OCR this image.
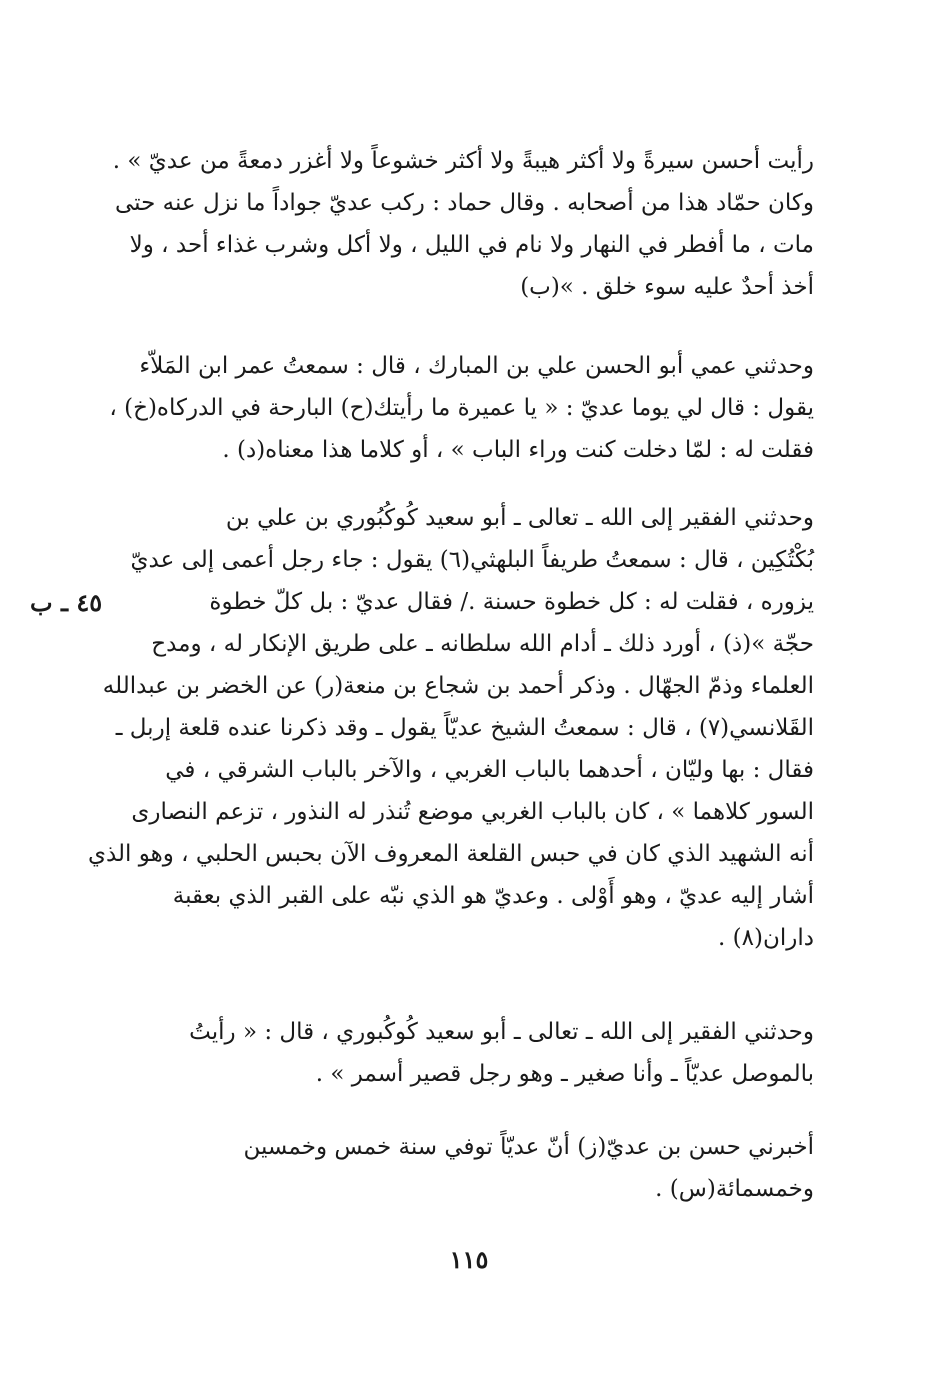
رأيت أحسن سيرةً ولا أكثر هيبةً ولا أكثر خشوعاً ولا أغزر دمعةً من عديّ » .
وكان حمّاد هذا من أصحابه . وقال حماد : ركب عديّ جواداً ما نزل عنه حتى
مات ، ما أفطر في النهار ولا نام في الليل ، ولا أكل وشرب غذاء أحد ، ولا
أخذ أحدٌ عليه سوء خلق . »(ب)
وحدثني عمي أبو الحسن علي بن المبارك ، قال : سمعتُ عمر ابن المَلاّء
يقول : قال لي يوما عديّ : « يا عميرة ما رأيتك(ح) البارحة في الدركاه(خ) ،
فقلت له : لمّا دخلت كنت وراء الباب » ، أو كلاما هذا معناه(د) .
وحدثني الفقير إلى الله ـ تعالى ـ أبو سعيد كُوكُبُوري بن علي بن
بُكْتُكِين ، قال : سمعتُ طريفاً البلهثي(٦) يقول : جاء رجل أعمى إلى عديّ
يزوره ، فقلت له : كل خطوة حسنة ./ فقال عديّ : بل كلّ خطوة
حجّة »(ذ) ، أورد ذلك ـ أدام الله سلطانه ـ على طريق الإنكار له ، ومدح
العلماء وذمّ الجهّال . وذكر أحمد بن شجاع بن منعة(ر) عن الخضر بن عبدالله
القَلانسي(٧) ، قال : سمعتُ الشيخ عديّاً يقول ـ وقد ذكرنا عنده قلعة إربل ـ
فقال : بها وليّان ، أحدهما بالباب الغربي ، والآخر بالباب الشرقي ، في
السور كلاهما » ، كان بالباب الغربي موضع تُنذر له النذور ، تزعم النصارى
أنه الشهيد الذي كان في حبس القلعة المعروف الآن بحبس الحلبي ، وهو الذي
أشار إليه عديّ ، وهو أَوْلى . وعديّ هو الذي نبّه على القبر الذي بعقبة
داران(٨) .
وحدثني الفقير إلى الله ـ تعالى ـ أبو سعيد كُوكُبوري ، قال : « رأيتُ
بالموصل عديّاً ـ وأنا صغير ـ وهو رجل قصير أسمر » .
أخبرني حسن بن عديّ(ز) أنّ عديّاً توفي سنة خمس وخمسين
وخمسمائة(س) .
٤٥ ـ ب
١١٥
